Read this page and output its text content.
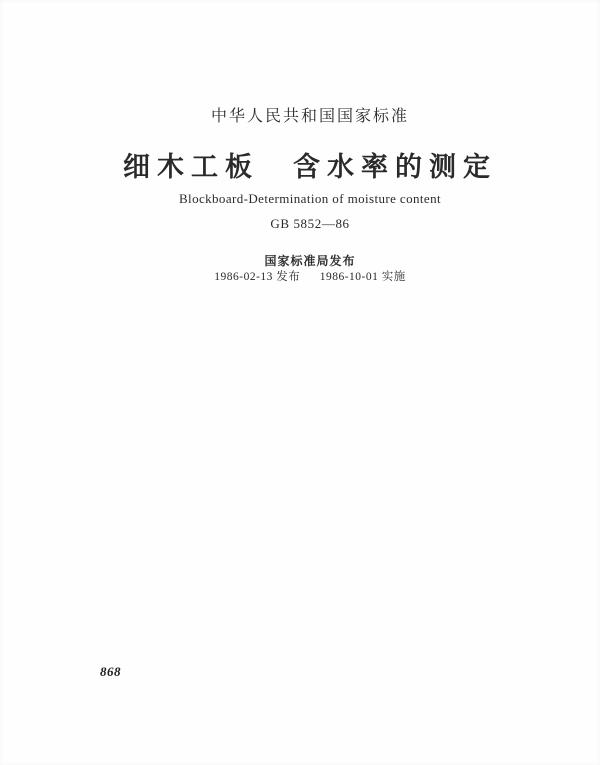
中华人民共和国国家标准
细木工板　含水率的测定
Blockboard-Determination of moisture content
GB 5852—86
国家标准局发布
1986-02-13 发布 1986-10-01 实施
868
